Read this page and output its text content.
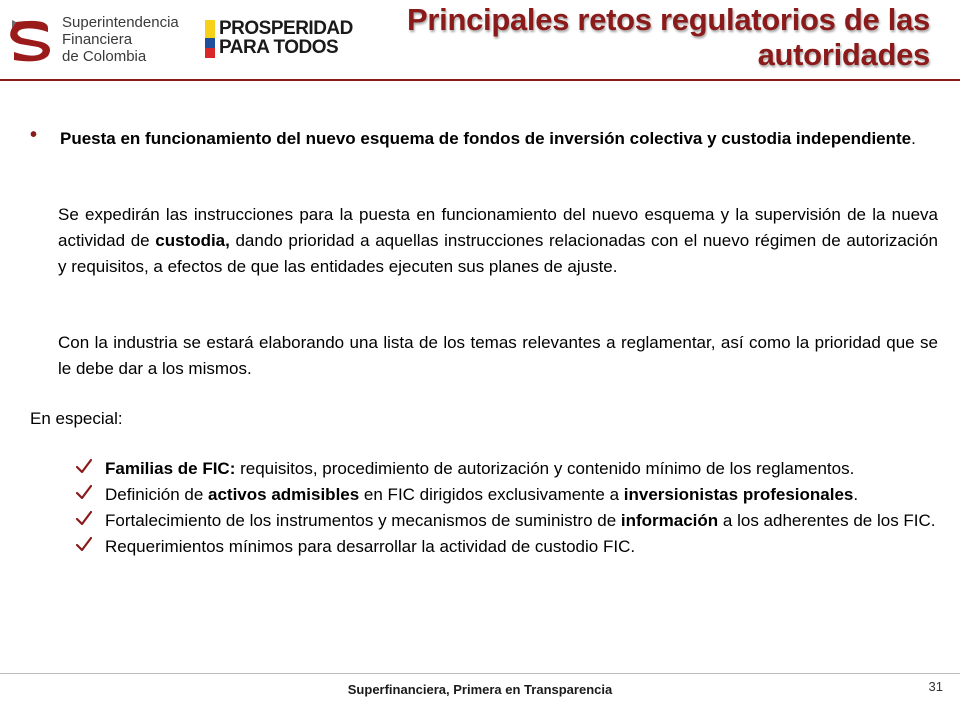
Superintendencia
Financiera
de Colombia
PROSPERIDAD
PARA TODOS
Principales retos regulatorios de las
autoridades
• Puesta en funcionamiento del nuevo esquema de fondos de inversión colectiva y custodia independiente.
Se expedirán las instrucciones para la puesta en funcionamiento del nuevo esquema y la supervisión de la nueva actividad de custodia, dando prioridad a aquellas instrucciones relacionadas con el nuevo régimen de autorización y requisitos, a efectos de que las entidades ejecuten sus planes de ajuste.
Con la industria se estará elaborando una lista de los temas relevantes a reglamentar, así como la prioridad que se le debe dar a los mismos.
En especial:
Familias de FIC: requisitos, procedimiento de autorización y contenido mínimo de los reglamentos.
Definición de activos admisibles en FIC dirigidos exclusivamente a inversionistas profesionales.
Fortalecimiento de los instrumentos y mecanismos de suministro de información a los adherentes de los FIC.
Requerimientos mínimos para desarrollar la actividad de custodio FIC.
Superfinanciera, Primera en Transparencia	31
